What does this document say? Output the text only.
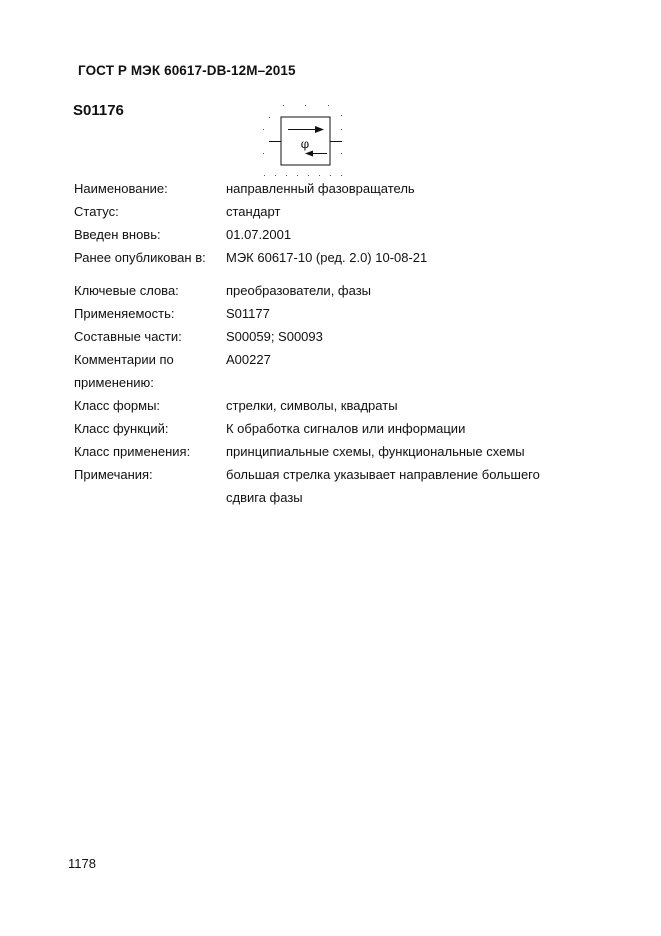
ГОСТ Р МЭК 60617-DB-12M–2015
S01176
φ
Наименование:	направленный фазовращатель
Статус:	стандарт
Введен вновь:	01.07.2001
Ранее опубликован в:	МЭК 60617-10 (ред. 2.0) 10-08-21
Ключевые слова:	преобразователи, фазы
Применяемость:	S01177
Составные части:	S00059; S00093
Комментарии по	A00227
применению:
Класс формы:	стрелки, символы, квадраты
Класс функций:	К обработка сигналов или информации
Класс применения:	принципиальные схемы, функциональные схемы
Примечания:	большая стрелка указывает направление большего
сдвига фазы
1178
